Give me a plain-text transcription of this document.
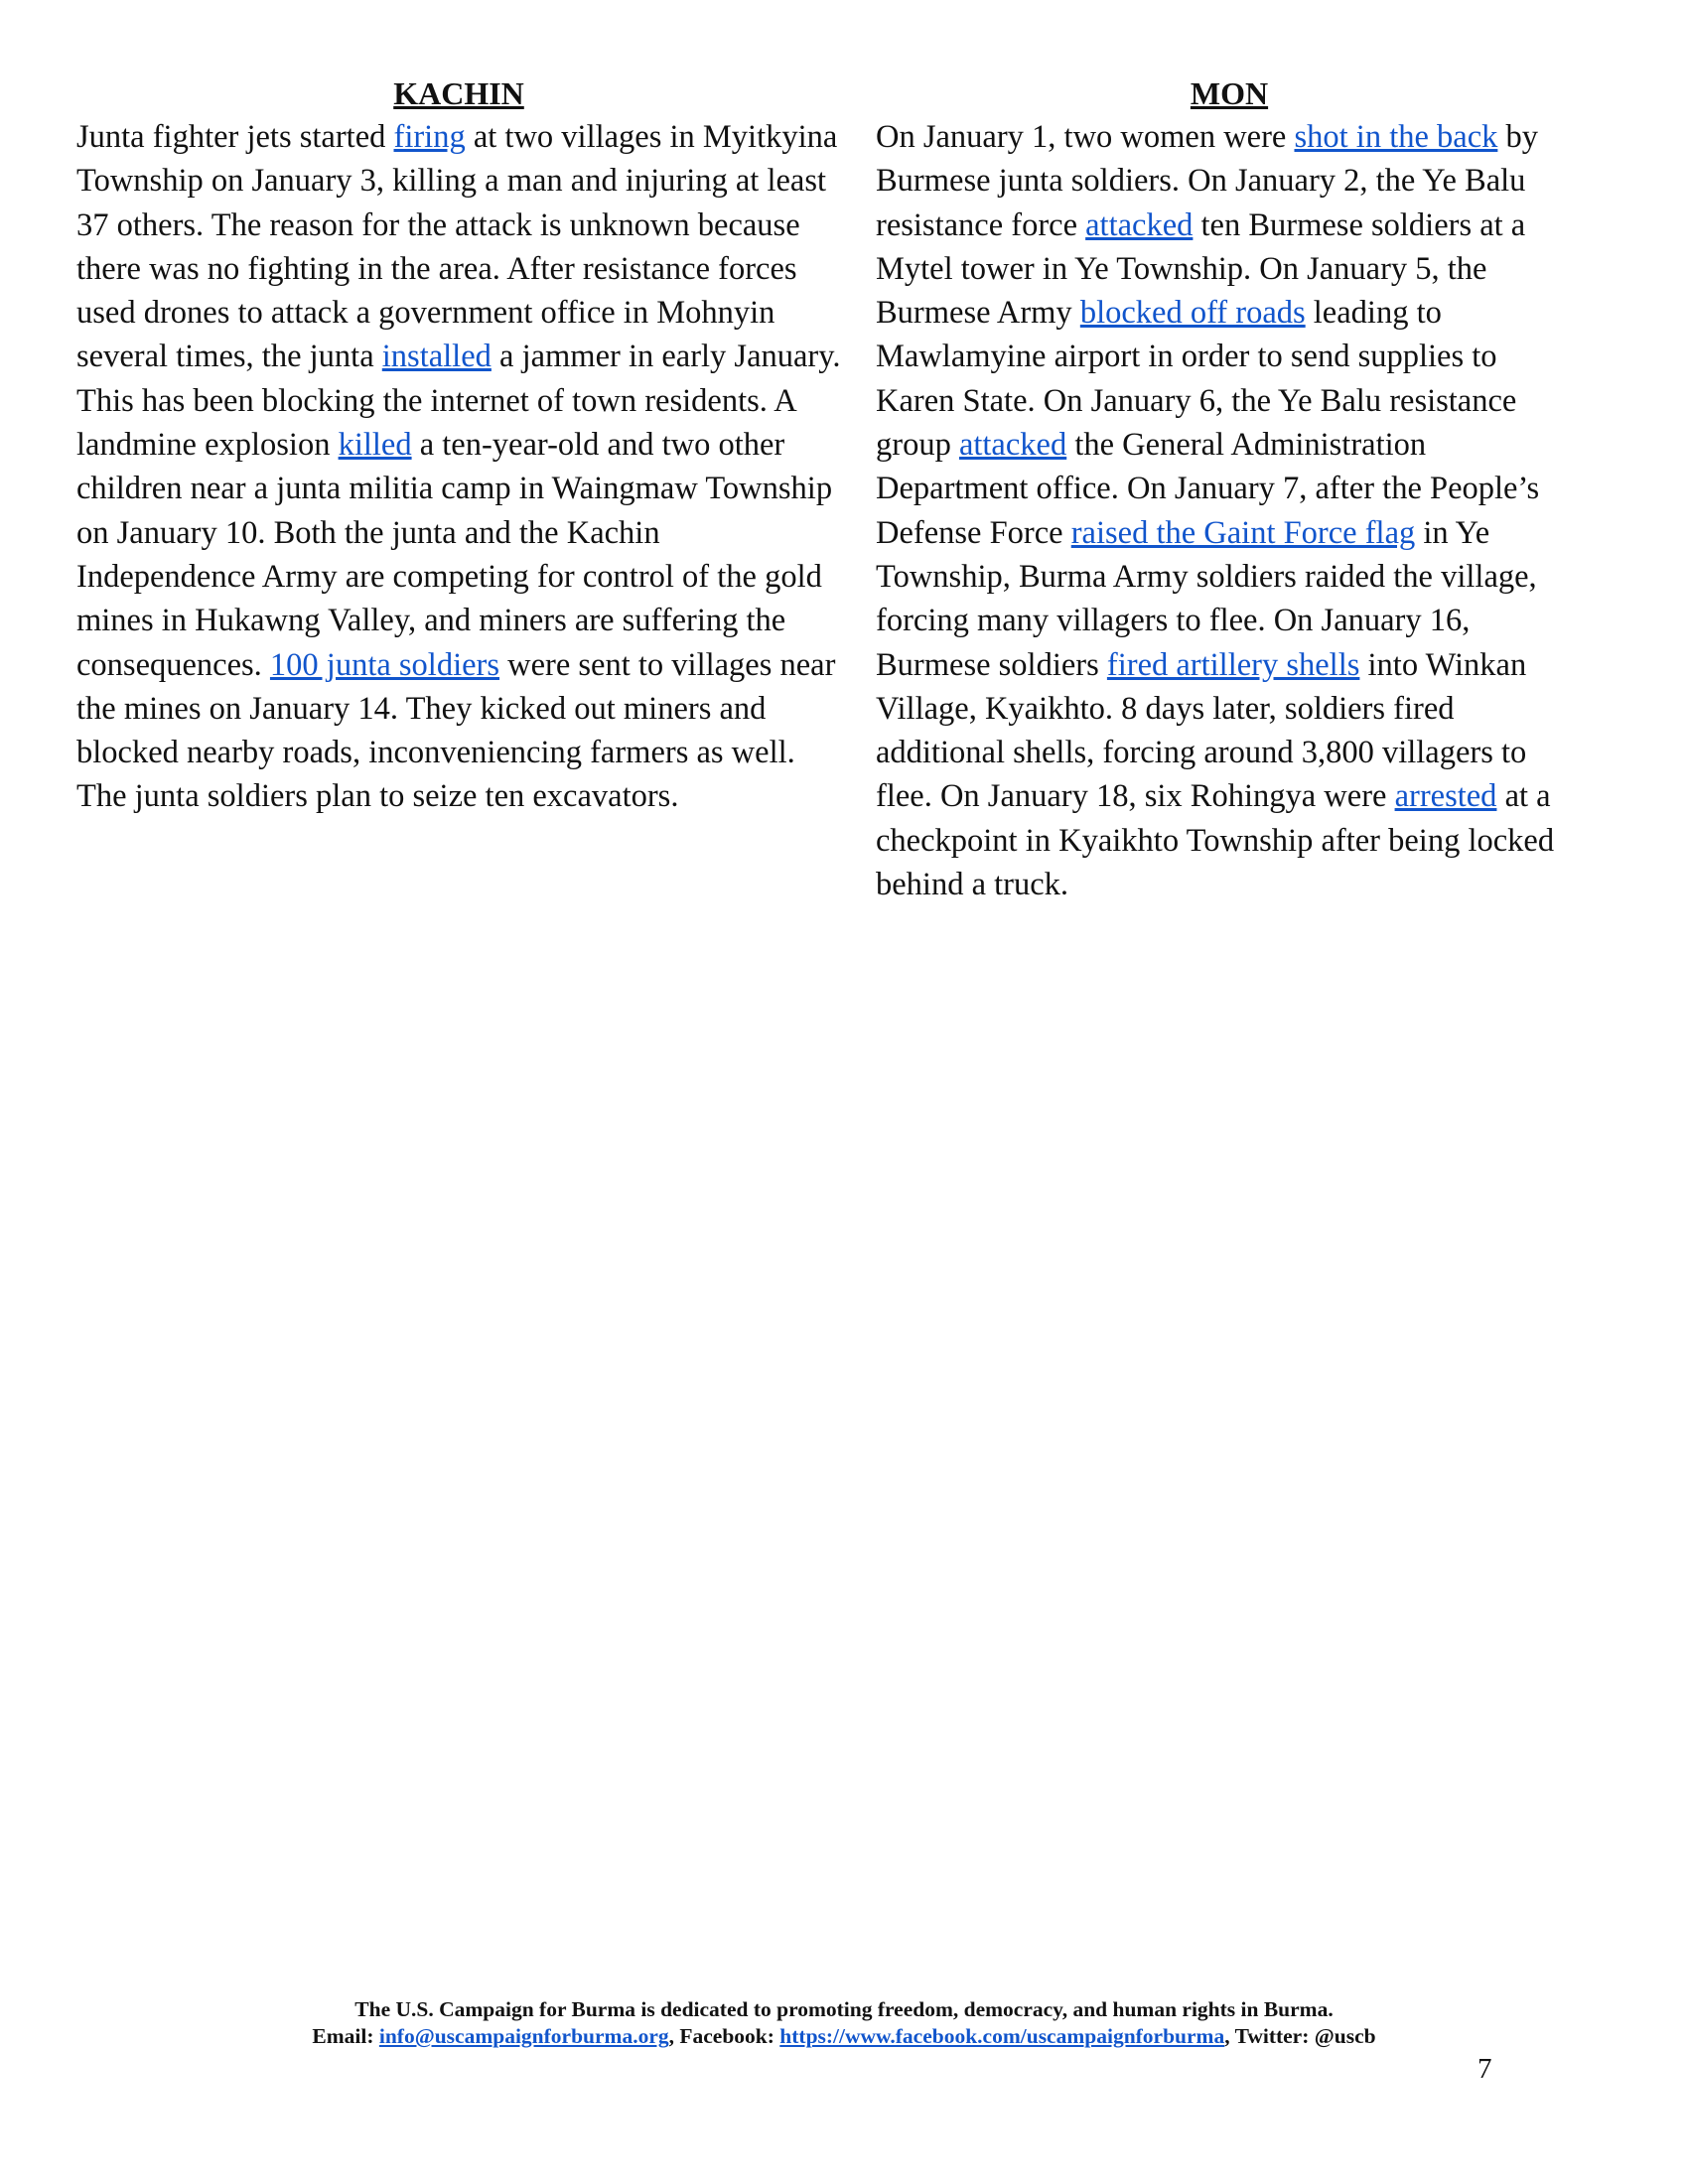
KACHIN

Junta fighter jets started firing at two villages in Myitkyina Township on January 3, killing a man and injuring at least 37 others. The reason for the attack is unknown because there was no fighting in the area. After resistance forces used drones to attack a government office in Mohnyin several times, the junta installed a jammer in early January. This has been blocking the internet of town residents. A landmine explosion killed a ten-year-old and two other children near a junta militia camp in Waingmaw Township on January 10. Both the junta and the Kachin Independence Army are competing for control of the gold mines in Hukawng Valley, and miners are suffering the consequences. 100 junta soldiers were sent to villages near the mines on January 14. They kicked out miners and blocked nearby roads, inconveniencing farmers as well. The junta soldiers plan to seize ten excavators.

MON

On January 1, two women were shot in the back by Burmese junta soldiers. On January 2, the Ye Balu resistance force attacked ten Burmese soldiers at a Mytel tower in Ye Township. On January 5, the Burmese Army blocked off roads leading to Mawlamyine airport in order to send supplies to Karen State. On January 6, the Ye Balu resistance group attacked the General Administration Department office. On January 7, after the People’s Defense Force raised the Gaint Force flag in Ye Township, Burma Army soldiers raided the village, forcing many villagers to flee. On January 16, Burmese soldiers fired artillery shells into Winkan Village, Kyaikhto. 8 days later, soldiers fired additional shells, forcing around 3,800 villagers to flee. On January 18, six Rohingya were arrested at a checkpoint in Kyaikhto Township after being locked behind a truck.

The U.S. Campaign for Burma is dedicated to promoting freedom, democracy, and human rights in Burma.
Email: info@uscampaignforburma.org, Facebook: https://www.facebook.com/uscampaignforburma, Twitter: @uscb
7
